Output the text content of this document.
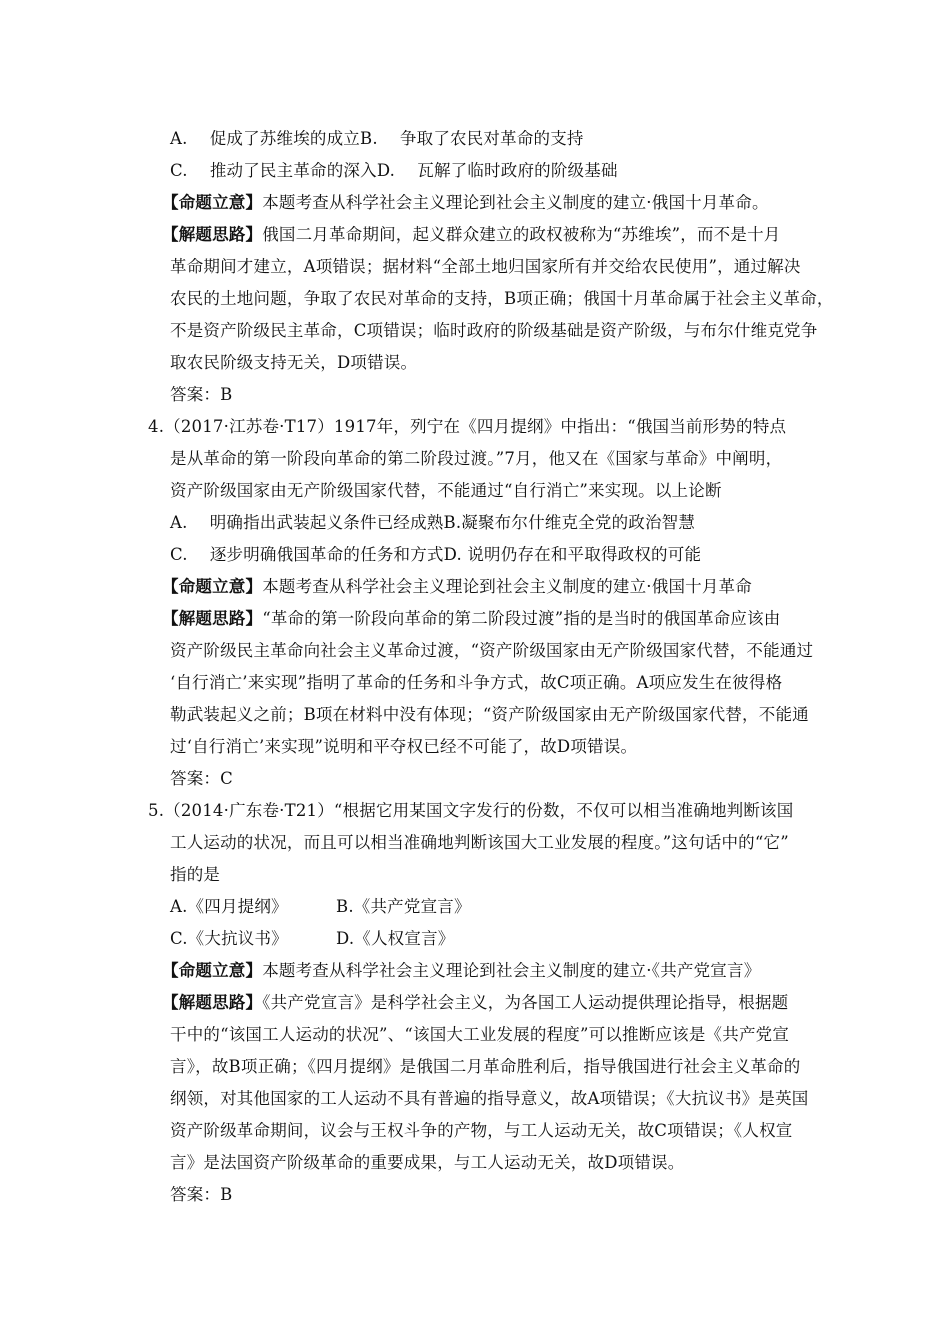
A.　 促成了苏维埃的成立B.　 争取了农民对革命的支持
C.　 推动了民主革命的深入D.　 瓦解了临时政府的阶级基础
【命题立意】本题考查从科学社会主义理论到社会主义制度的建立·俄国十月革命。
【解题思路】俄国二月革命期间，起义群众建立的政权被称为“苏维埃”，而不是十月
革命期间才建立，A项错误；据材料“全部土地归国家所有并交给农民使用”，通过解决
农民的土地问题，争取了农民对革命的支持，B项正确；俄国十月革命属于社会主义革命，
不是资产阶级民主革命，C项错误；临时政府的阶级基础是资产阶级，与布尔什维克党争
取农民阶级支持无关，D项错误。
答案：B
4.（2017·江苏卷·T17）1917年，列宁在《四月提纲》中指出：“俄国当前形势的特点
是从革命的第一阶段向革命的第二阶段过渡。”7月，他又在《国家与革命》中阐明，
资产阶级国家由无产阶级国家代替，不能通过“自行消亡”来实现。以上论断
A.　 明确指出武装起义条件已经成熟B.凝聚布尔什维克全党的政治智慧
C.　 逐步明确俄国革命的任务和方式D. 说明仍存在和平取得政权的可能
【命题立意】本题考查从科学社会主义理论到社会主义制度的建立·俄国十月革命
【解题思路】“革命的第一阶段向革命的第二阶段过渡”指的是当时的俄国革命应该由
资产阶级民主革命向社会主义革命过渡，“资产阶级国家由无产阶级国家代替，不能通过
‘自行消亡’来实现”指明了革命的任务和斗争方式，故C项正确。A项应发生在彼得格
勒武装起义之前；B项在材料中没有体现；“资产阶级国家由无产阶级国家代替，不能通
过‘自行消亡’来实现”说明和平夺权已经不可能了，故D项错误。
答案：C
5.（2014·广东卷·T21）“根据它用某国文字发行的份数，不仅可以相当准确地判断该国
工人运动的状况，而且可以相当准确地判断该国大工业发展的程度。”这句话中的“它”
指的是
A.《四月提纲》	B.《共产党宣言》
C.《大抗议书》	D.《人权宣言》
【命题立意】本题考查从科学社会主义理论到社会主义制度的建立·《共产党宣言》
【解题思路】《共产党宣言》是科学社会主义，为各国工人运动提供理论指导，根据题
干中的“该国工人运动的状况”、“该国大工业发展的程度”可以推断应该是《共产党宣
言》，故B项正确；《四月提纲》是俄国二月革命胜利后，指导俄国进行社会主义革命的
纲领，对其他国家的工人运动不具有普遍的指导意义，故A项错误；《大抗议书》是英国
资产阶级革命期间，议会与王权斗争的产物，与工人运动无关，故C项错误；《人权宣
言》是法国资产阶级革命的重要成果，与工人运动无关，故D项错误。
答案：B
